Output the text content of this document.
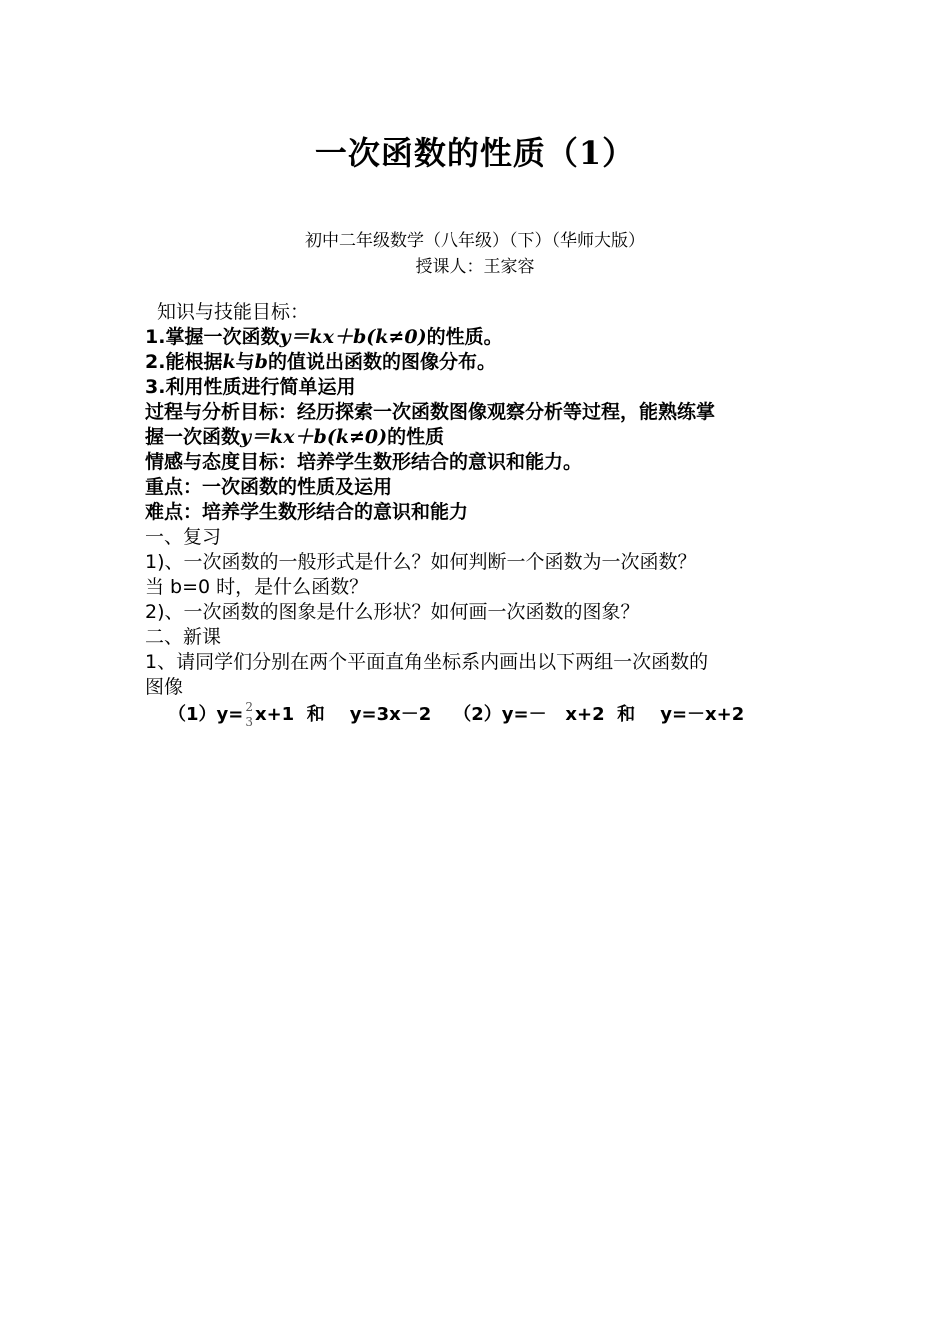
一次函数的性质（1）
初中二年级数学（八年级）（下）（华师大版）
授课人：王家容
知识与技能目标：
1.掌握一次函数y＝kx＋b(k≠0)的性质。
2.能根据k与b的值说出函数的图像分布。
3.利用性质进行简单运用
过程与分析目标：经历探索一次函数图像观察分析等过程，能熟练掌
握一次函数y＝kx＋b(k≠0)的性质
情感与态度目标：培养学生数形结合的意识和能力。
重点：一次函数的性质及运用
难点：培养学生数形结合的意识和能力
一、复习
1)、一次函数的一般形式是什么？如何判断一个函数为一次函数？
当 b=0 时，是什么函数？
2)、一次函数的图象是什么形状？如何画一次函数的图象？
二、新课
1、请同学们分别在两个平面直角坐标系内画出以下两组一次函数的
图像
（1）y= 2
3 x+1  和    y=3x－2 （2）y=－   x+2  和    y=－x+2
